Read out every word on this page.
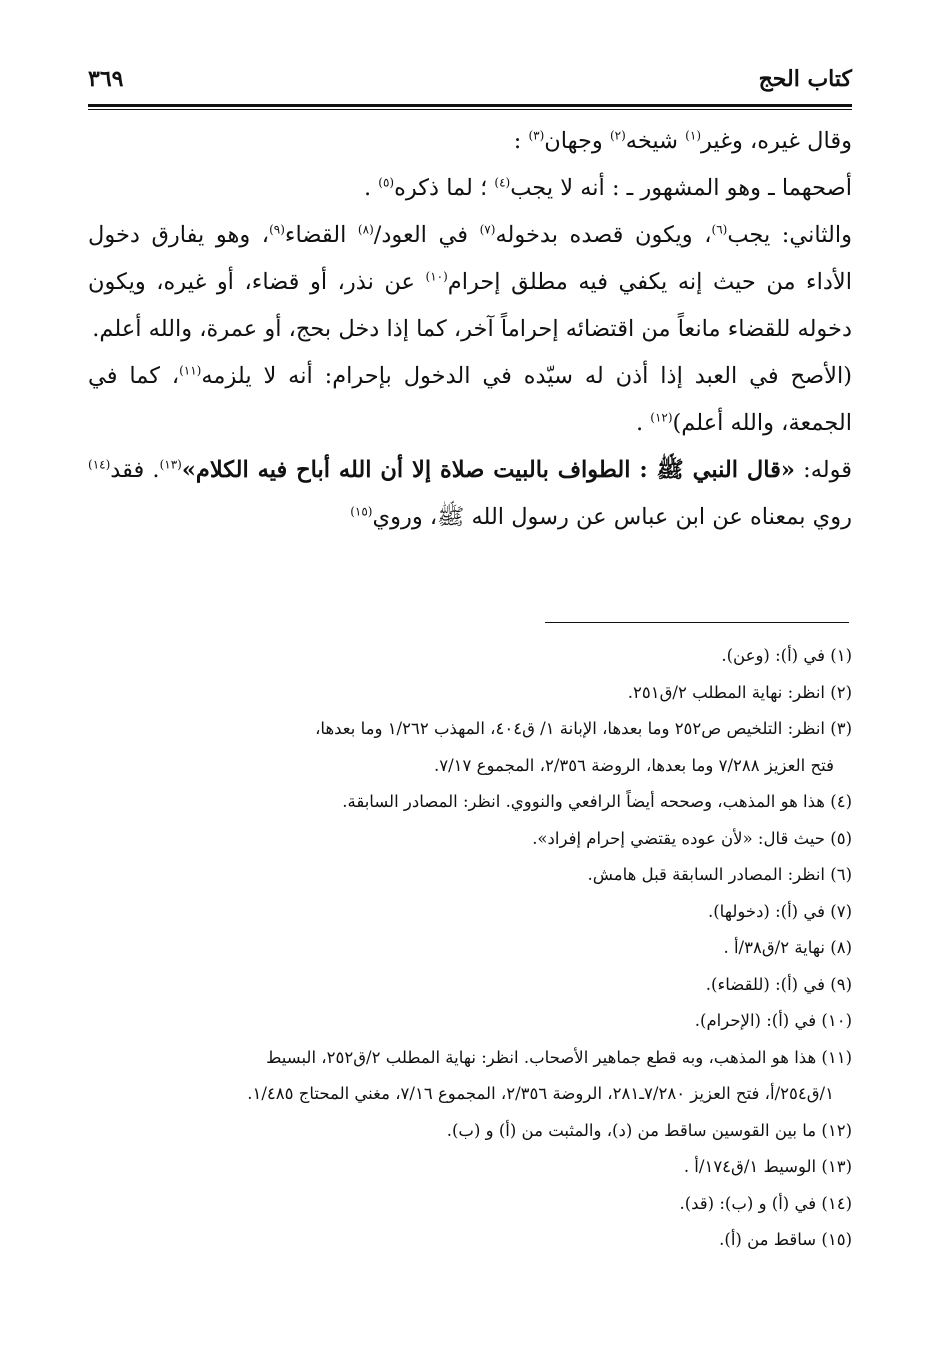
كتاب الحج
٣٦٩

وقال غيره، وغير$^{(١)}$ شيخه$^{(٢)}$ وجهان$^{(٣)}$ :

أصحهما ـ وهو المشهور ـ : أنه لا يجب$^{(٤)}$ ؛ لما ذكره$^{(٥)}$ .

والثاني: يجب$^{(٦)}$، ويكون قصده بدخوله$^{(٧)}$ في العود/$^{(٨)}$ القضاء$^{(٩)}$، وهو يفارق دخول الأداء من حيث إنه يكفي فيه مطلق إحرام$^{(١٠)}$ عن نذر، أو قضاء، أو غيره، ويكون دخوله للقضاء مانعاً من اقتضائه إحراماً آخر، كما إذا دخل بحج، أو عمرة، والله أعلم.

(الأصح في العبد إذا أذن له سيّده في الدخول بإحرام: أنه لا يلزمه$^{(١١)}$، كما في الجمعة، والله أعلم)$^{(١٢)}$ .

قوله: «قال النبي ﷺ : الطواف بالبيت صلاة إلا أن الله أباح فيه الكلام»$^{(١٣)}$. فقد$^{(١٤)}$ روي بمعناه عن ابن عباس عن رسول الله ﷺ، وروي$^{(١٥)}$

(١) في (أ): (وعن).

(٢) انظر: نهاية المطلب ٢/ق٢٥١.

(٣) انظر: التلخيص ص٢٥٢ وما بعدها، الإبانة ١/ ق٤٠٤، المهذب ١/٢٦٢ وما بعدها،

فتح العزيز ٧/٢٨٨ وما بعدها، الروضة ٢/٣٥٦، المجموع ٧/١٧.

(٤) هذا هو المذهب، وصححه أيضاً الرافعي والنووي. انظر: المصادر السابقة.

(٥) حيث قال: «لأن عوده يقتضي إحرام إفراد».

(٦) انظر: المصادر السابقة قبل هامش.

(٧) في (أ): (دخولها).

(٨) نهاية ٢/ق٣٨/أ .

(٩) في (أ): (للقضاء).

(١٠) في (أ): (الإحرام).

(١١) هذا هو المذهب، وبه قطع جماهير الأصحاب. انظر: نهاية المطلب ٢/ق٢٥٢، البسيط

١/ق٢٥٤/أ، فتح العزيز ٧/٢٨٠ـ٢٨١، الروضة ٢/٣٥٦، المجموع ٧/١٦، مغني المحتاج ١/٤٨٥.

(١٢) ما بين القوسين ساقط من (د)، والمثبت من (أ) و (ب).

(١٣) الوسيط ١/ق١٧٤/أ .

(١٤) في (أ) و (ب): (قد).

(١٥) ساقط من (أ).
